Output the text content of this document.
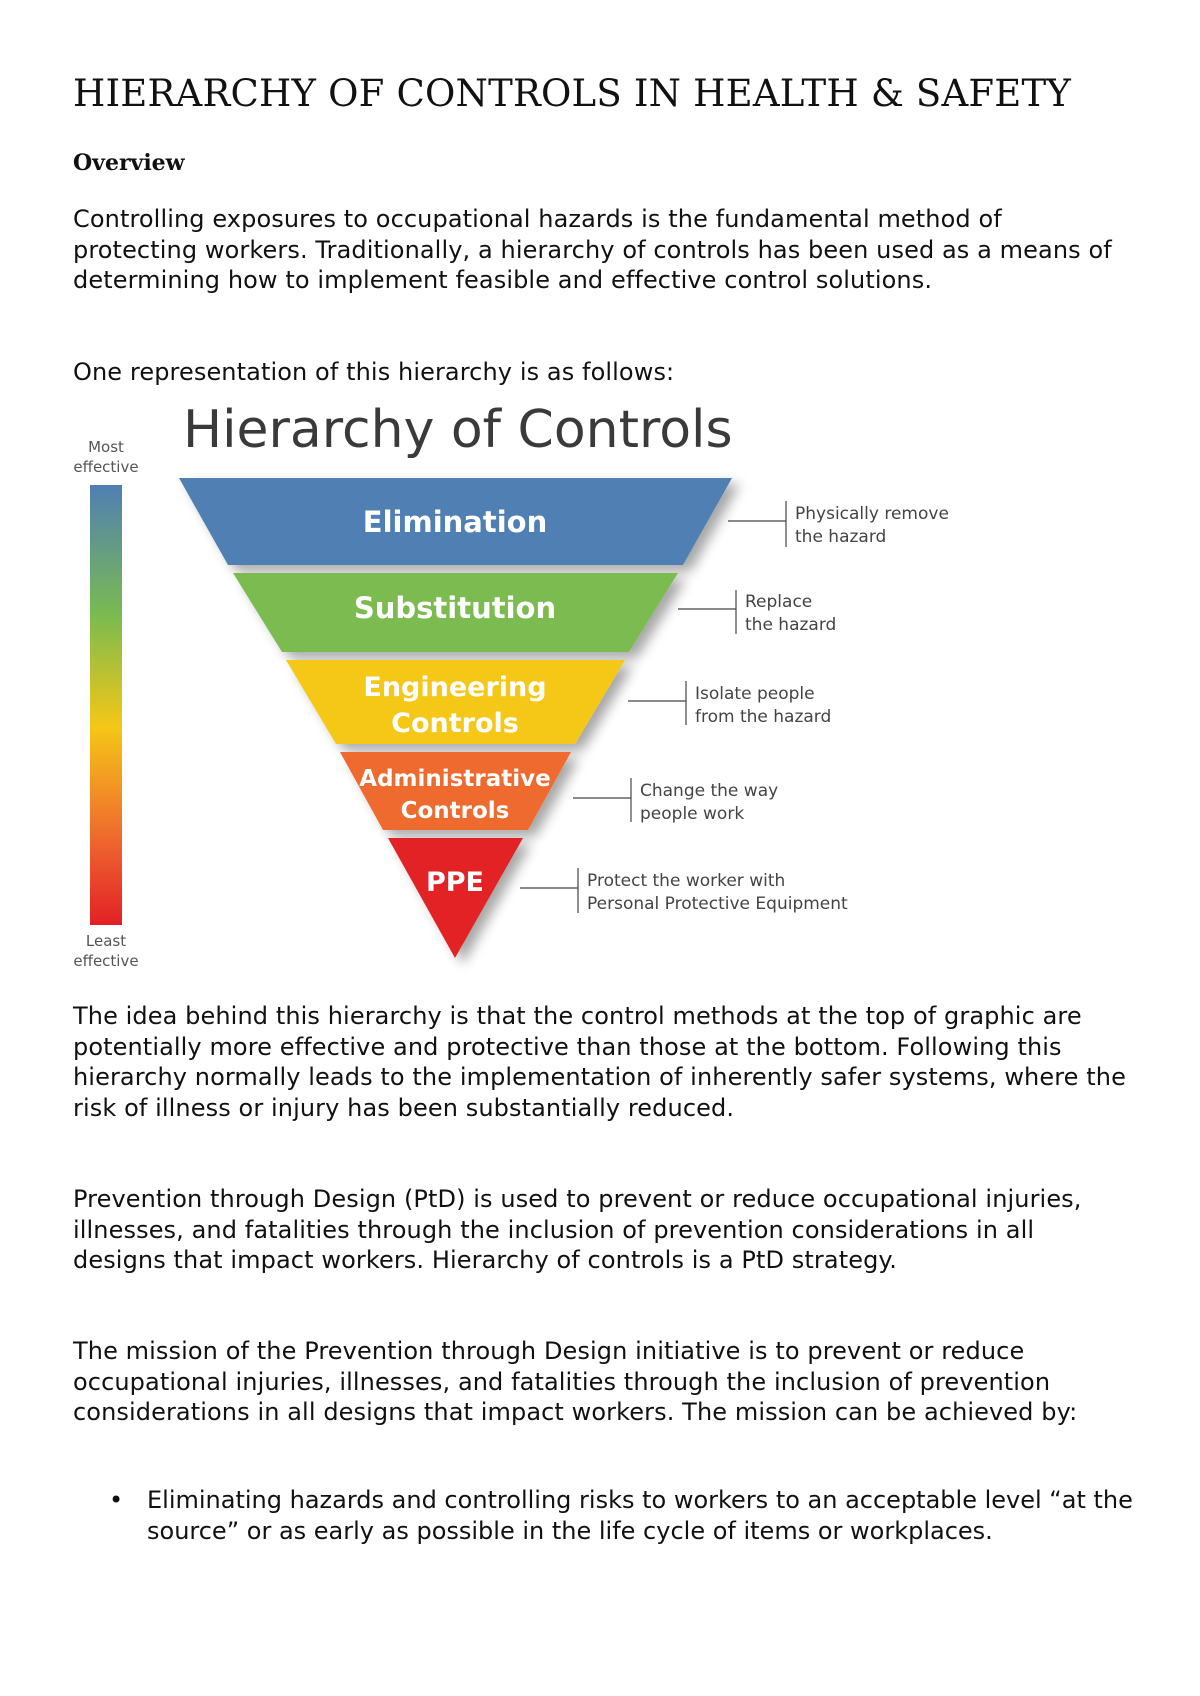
HIERARCHY OF CONTROLS IN HEALTH & SAFETY
Overview

Controlling exposures to occupational hazards is the fundamental method of protecting workers. Traditionally, a hierarchy of controls has been used as a means of determining how to implement feasible and effective control solutions.

One representation of this hierarchy is as follows:

Most
effective
Least
effective
Hierarchy of Controls
Elimination
Substitution
Engineering
Controls
Administrative
Controls
PPE
Physically remove
the hazard
Replace
the hazard
Isolate people
from the hazard
Change the way
people work
Protect the worker with
Personal Protective Equipment

The idea behind this hierarchy is that the control methods at the top of graphic are potentially more effective and protective than those at the bottom. Following this hierarchy normally leads to the implementation of inherently safer systems, where the risk of illness or injury has been substantially reduced.

Prevention through Design (PtD) is used to prevent or reduce occupational injuries, illnesses, and fatalities through the inclusion of prevention considerations in all designs that impact workers. Hierarchy of controls is a PtD strategy.

The mission of the Prevention through Design initiative is to prevent or reduce occupational injuries, illnesses, and fatalities through the inclusion of prevention considerations in all designs that impact workers. The mission can be achieved by:

• Eliminating hazards and controlling risks to workers to an acceptable level “at the source” or as early as possible in the life cycle of items or workplaces.
